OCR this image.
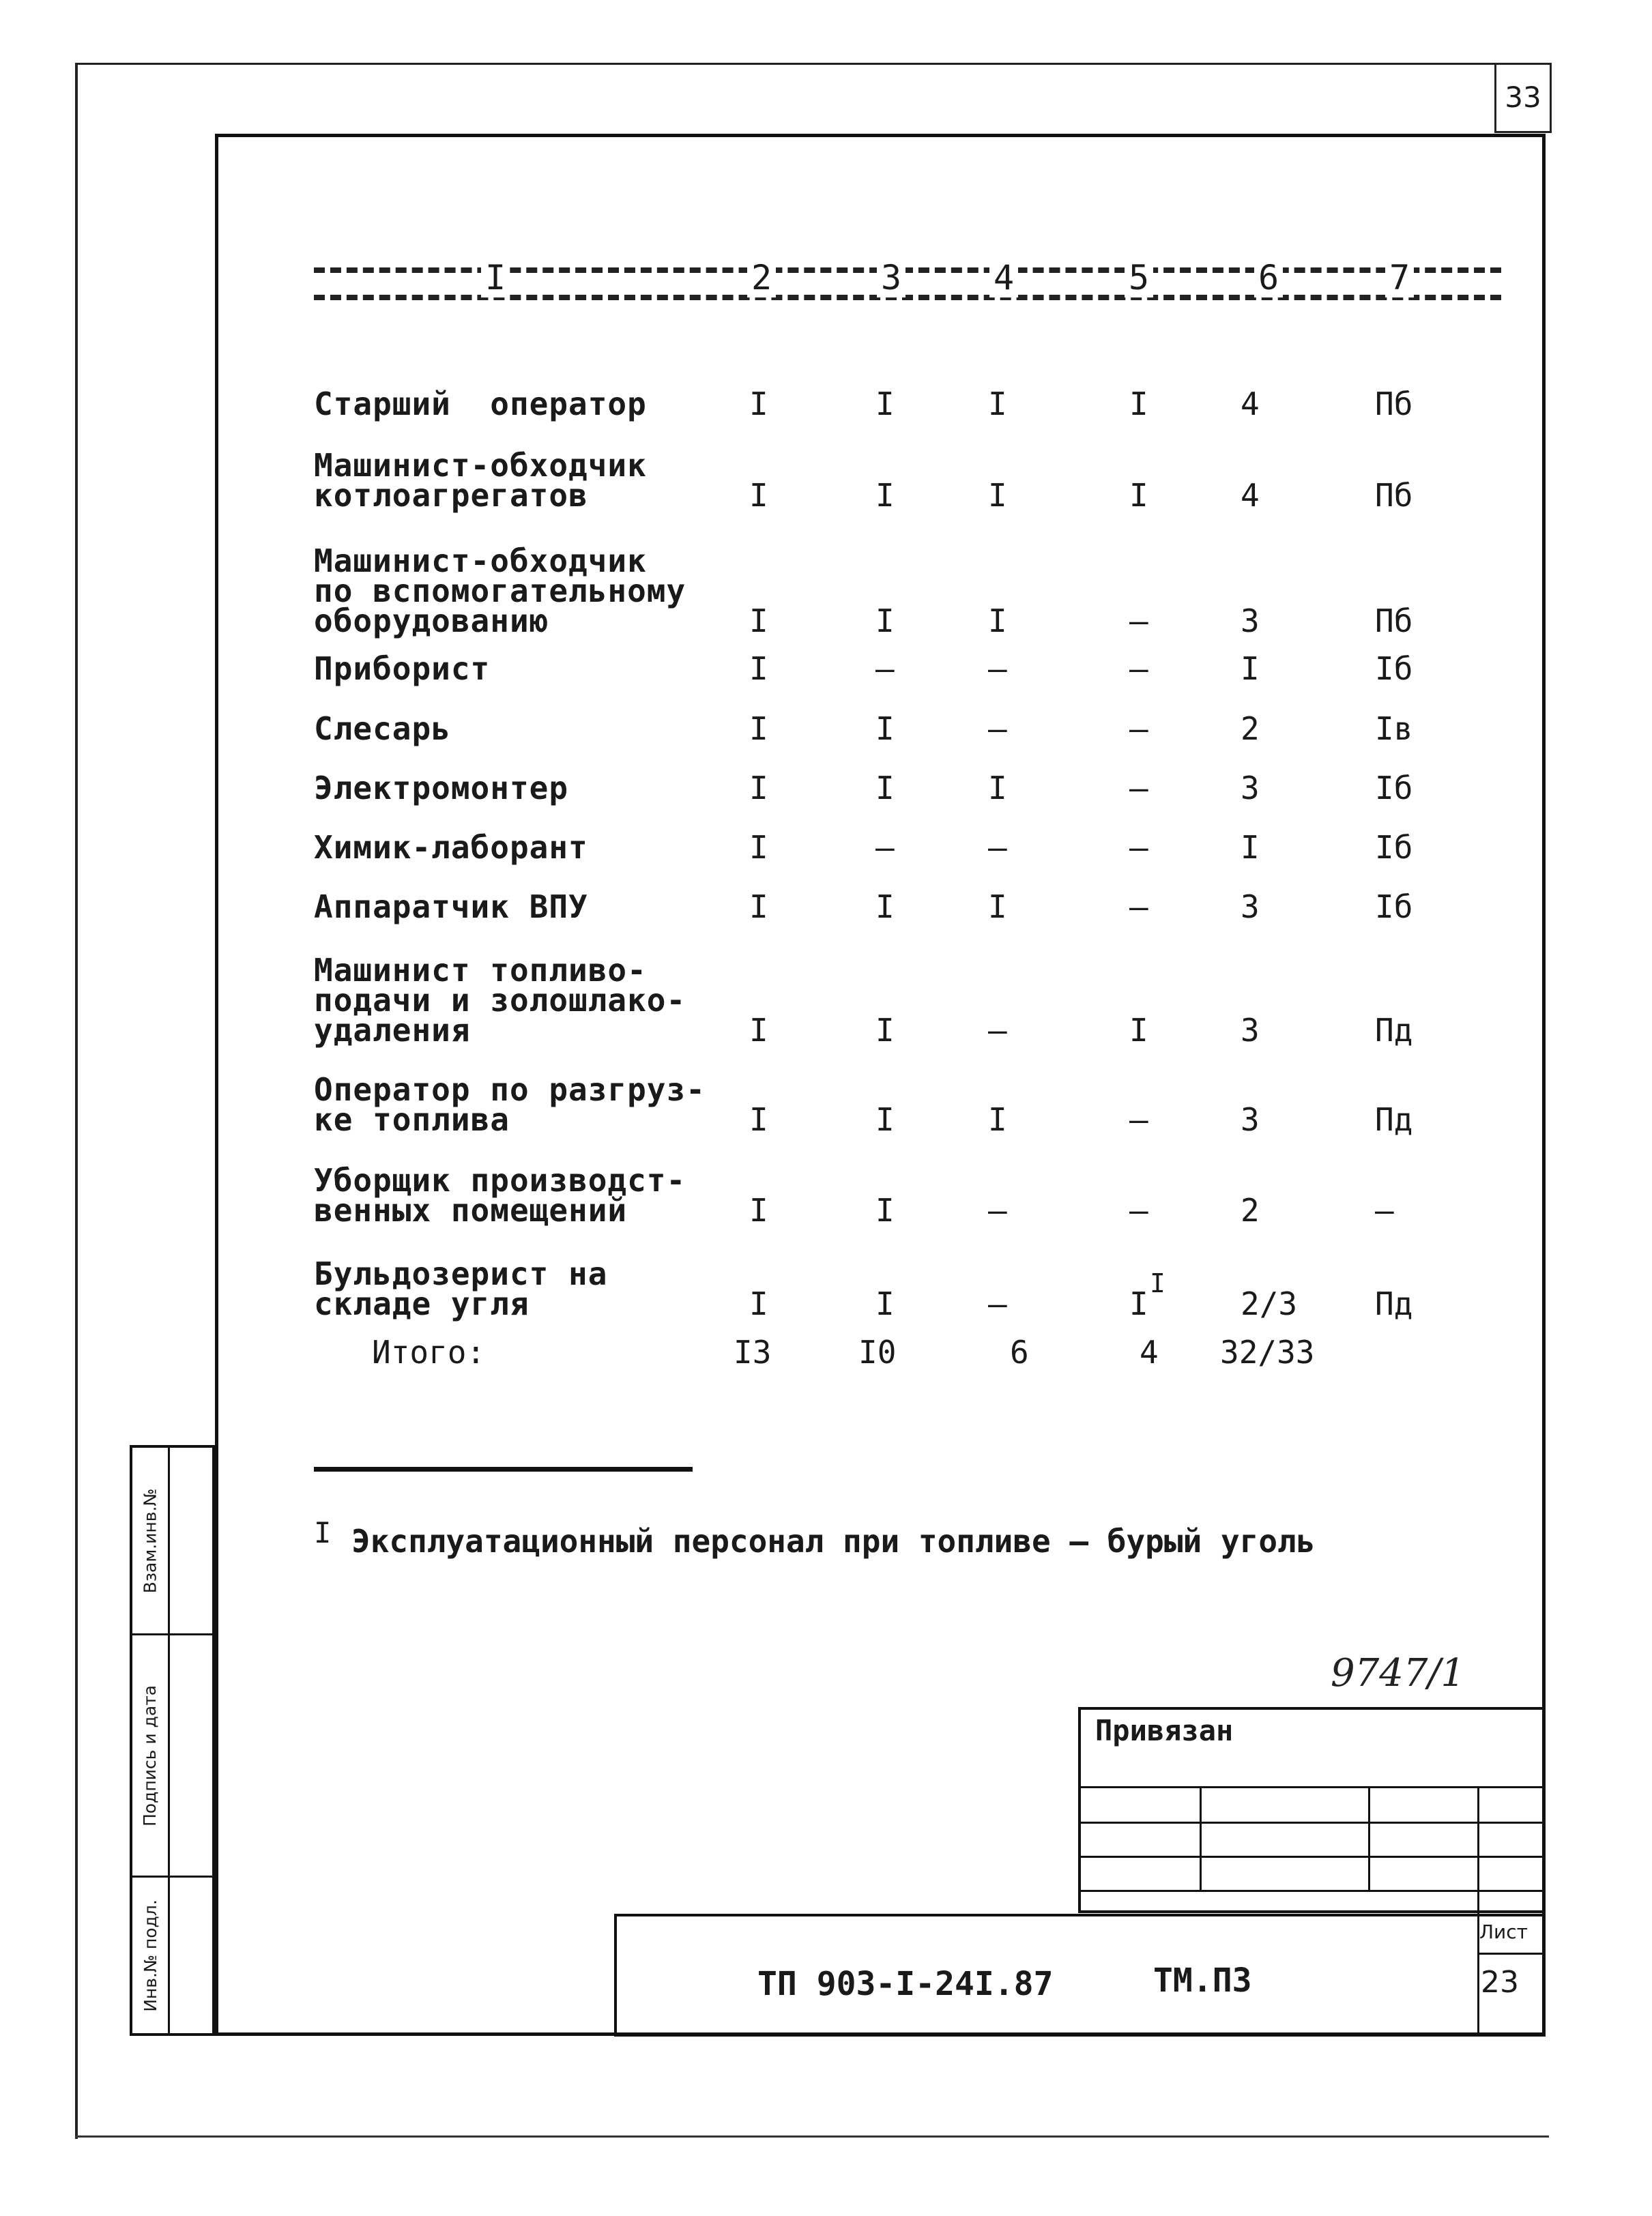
33
Взам.инв.№
Подпись и дата
Инв.№ подл.
I	2	3	4	5	6	7
Старший  оператор	I	I	I	I	4	Пб
Машинист-обходчик
котлоагрегатов	I	I	I	I	4	Пб
Машинист-обходчик
по вспомогательному
оборудованию	I	I	I	–	3	Пб
Прибориcт	I	–	–	–	I	Iб
Слесарь	I	I	–	–	2	Iв
Электромонтер	I	I	I	–	3	Iб
Химик-лаборант	I	–	–	–	I	Iб
Аппаратчик ВПУ	I	I	I	–	3	Iб
Машинист топливо-
подачи и золошлако-
удаления	I	I	–	I	3	Пд
Оператор по разгруз-
ке топлива	I	I	I	–	3	Пд
Уборщик производст-
венных помещений	I	I	–	–	2	–
Бульдозерист на
складе угля	I	I	–	I	2/3 Пд
I
Итого:	I3	I0	6	4 32/33
I Эксплуатационный персонал при топливе – бурый уголь
9747/1
Привязан
ТП 903-I-24I.87	ТМ.ПЗ
Лист
23
